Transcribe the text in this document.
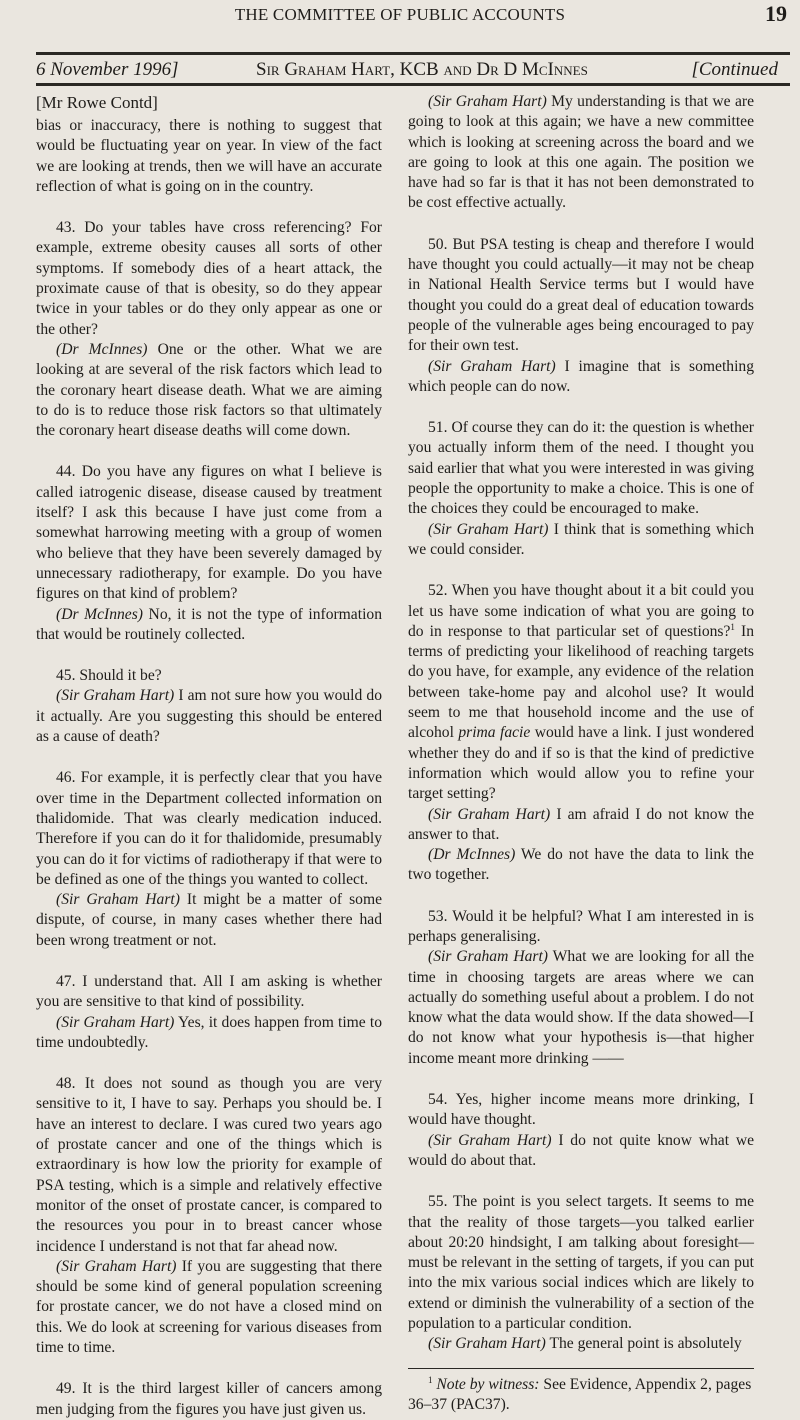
THE COMMITTEE OF PUBLIC ACCOUNTS	19
6 November 1996]	Sir Graham Hart, KCB and Dr D McInnes	[Continued
[Mr Rowe Contd]

bias or inaccuracy, there is nothing to suggest that would be fluctuating year on year. In view of the fact we are looking at trends, then we will have an accurate reflection of what is going on in the country.

43. Do your tables have cross referencing? For example, extreme obesity causes all sorts of other symptoms. If somebody dies of a heart attack, the proximate cause of that is obesity, so do they appear twice in your tables or do they only appear as one or the other?

(Dr McInnes) One or the other. What we are looking at are several of the risk factors which lead to the coronary heart disease death. What we are aiming to do is to reduce those risk factors so that ultimately the coronary heart disease deaths will come down.

44. Do you have any figures on what I believe is called iatrogenic disease, disease caused by treatment itself? I ask this because I have just come from a somewhat harrowing meeting with a group of women who believe that they have been severely damaged by unnecessary radiotherapy, for example. Do you have figures on that kind of problem?

(Dr McInnes) No, it is not the type of information that would be routinely collected.

45. Should it be?

(Sir Graham Hart) I am not sure how you would do it actually. Are you suggesting this should be entered as a cause of death?

46. For example, it is perfectly clear that you have over time in the Department collected information on thalidomide. That was clearly medication induced. Therefore if you can do it for thalidomide, presumably you can do it for victims of radiotherapy if that were to be defined as one of the things you wanted to collect.

(Sir Graham Hart) It might be a matter of some dispute, of course, in many cases whether there had been wrong treatment or not.

47. I understand that. All I am asking is whether you are sensitive to that kind of possibility.

(Sir Graham Hart) Yes, it does happen from time to time undoubtedly.

48. It does not sound as though you are very sensitive to it, I have to say. Perhaps you should be. I have an interest to declare. I was cured two years ago of prostate cancer and one of the things which is extraordinary is how low the priority for example of PSA testing, which is a simple and relatively effective monitor of the onset of prostate cancer, is compared to the resources you pour in to breast cancer whose incidence I understand is not that far ahead now.

(Sir Graham Hart) If you are suggesting that there should be some kind of general population screening for prostate cancer, we do not have a closed mind on this. We do look at screening for various diseases from time to time.

49. It is the third largest killer of cancers among men judging from the figures you have just given us.

(Sir Graham Hart) My understanding is that we are going to look at this again; we have a new committee which is looking at screening across the board and we are going to look at this one again. The position we have had so far is that it has not been demonstrated to be cost effective actually.

50. But PSA testing is cheap and therefore I would have thought you could actually—it may not be cheap in National Health Service terms but I would have thought you could do a great deal of education towards people of the vulnerable ages being encouraged to pay for their own test.

(Sir Graham Hart) I imagine that is something which people can do now.

51. Of course they can do it: the question is whether you actually inform them of the need. I thought you said earlier that what you were interested in was giving people the opportunity to make a choice. This is one of the choices they could be encouraged to make.

(Sir Graham Hart) I think that is something which we could consider.

52. When you have thought about it a bit could you let us have some indication of what you are going to do in response to that particular set of questions?$^1$ In terms of predicting your likelihood of reaching targets do you have, for example, any evidence of the relation between take-home pay and alcohol use? It would seem to me that household income and the use of alcohol prima facie would have a link. I just wondered whether they do and if so is that the kind of predictive information which would allow you to refine your target setting?

(Sir Graham Hart) I am afraid I do not know the answer to that.

(Dr McInnes) We do not have the data to link the two together.

53. Would it be helpful? What I am interested in is perhaps generalising.

(Sir Graham Hart) What we are looking for all the time in choosing targets are areas where we can actually do something useful about a problem. I do not know what the data would show. If the data showed—I do not know what your hypothesis is—that higher income meant more drinking ——

54. Yes, higher income means more drinking, I would have thought.

(Sir Graham Hart) I do not quite know what we would do about that.

55. The point is you select targets. It seems to me that the reality of those targets—you talked earlier about 20:20 hindsight, I am talking about foresight—must be relevant in the setting of targets, if you can put into the mix various social indices which are likely to extend or diminish the vulnerability of a section of the population to a particular condition.

(Sir Graham Hart) The general point is absolutely

$^1$ Note by witness: See Evidence, Appendix 2, pages 36–37 (PAC37).
